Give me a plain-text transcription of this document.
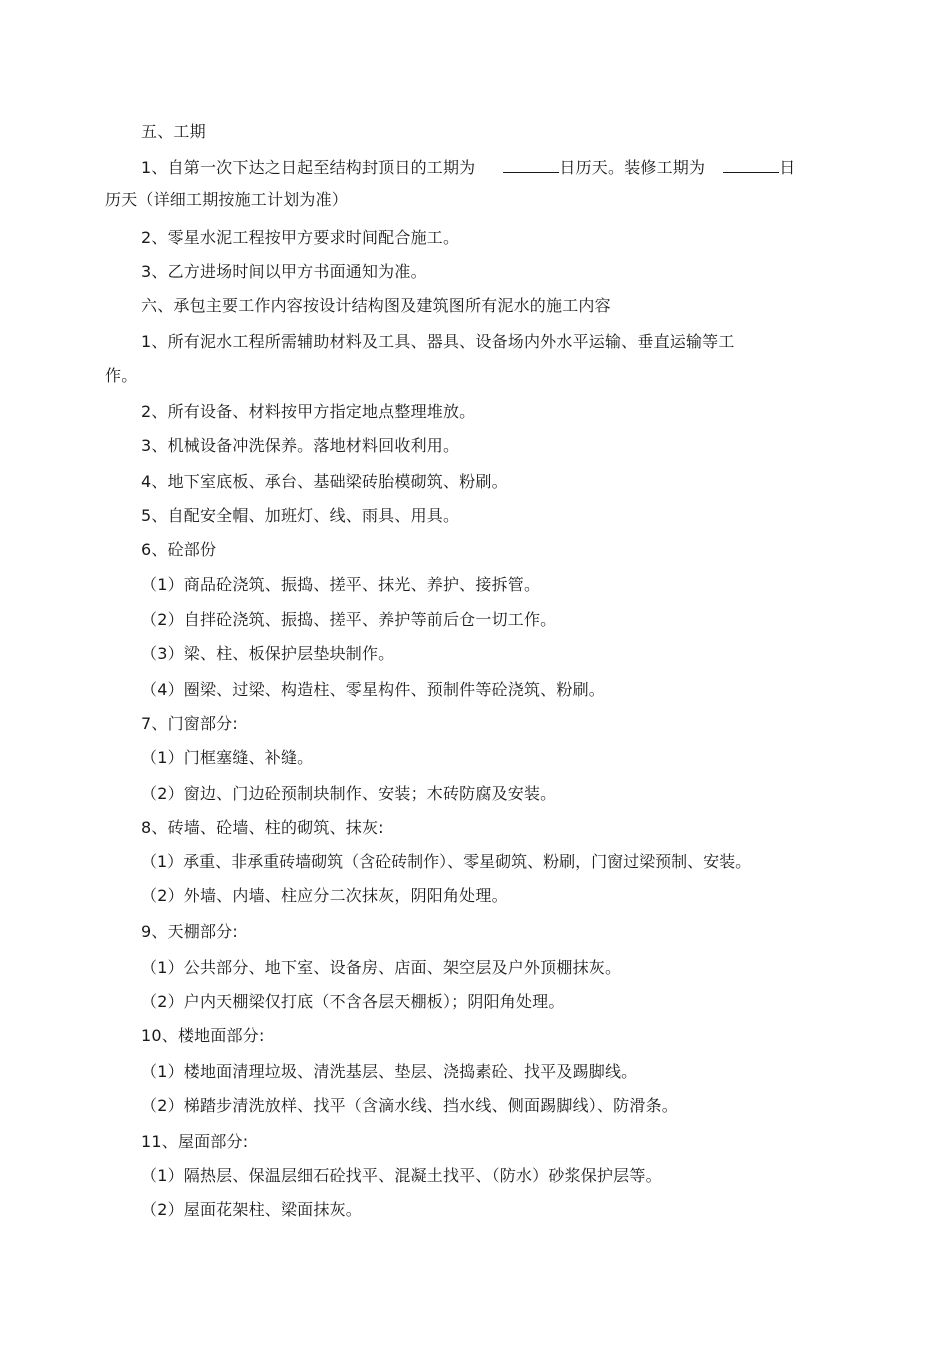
五、工期
1、自第一次下达之日起至结构封顶日的工期为	日历天。装修工期为	日
历天（详细工期按施工计划为准）
2、零星水泥工程按甲方要求时间配合施工。
3、乙方进场时间以甲方书面通知为准。
六、承包主要工作内容按设计结构图及建筑图所有泥水的施工内容
1、所有泥水工程所需辅助材料及工具、器具、设备场内外水平运输、垂直运输等工
作。
2、所有设备、材料按甲方指定地点整理堆放。
3、机械设备冲洗保养。落地材料回收利用。
4、地下室底板、承台、基础梁砖胎模砌筑、粉刷。
5、自配安全帽、加班灯、线、雨具、用具。
6、砼部份
（1）商品砼浇筑、振捣、搓平、抹光、养护、接拆管。
（2）自拌砼浇筑、振捣、搓平、养护等前后仓一切工作。
（3）梁、柱、板保护层垫块制作。
（4）圈梁、过梁、构造柱、零星构件、预制件等砼浇筑、粉刷。
7、门窗部分:
（1）门框塞缝、补缝。
（2）窗边、门边砼预制块制作、安装；木砖防腐及安装。
8、砖墙、砼墙、柱的砌筑、抹灰:
（1）承重、非承重砖墙砌筑（含砼砖制作）、零星砌筑、粉刷，门窗过梁预制、安装。
（2）外墙、内墙、柱应分二次抹灰，阴阳角处理。
9、天棚部分:
（1）公共部分、地下室、设备房、店面、架空层及户外顶棚抹灰。
（2）户内天棚梁仅打底（不含各层天棚板）；阴阳角处理。
10、楼地面部分:
（1）楼地面清理垃圾、清洗基层、垫层、浇捣素砼、找平及踢脚线。
（2）梯踏步清洗放样、找平（含滴水线、挡水线、侧面踢脚线）、防滑条。
11、屋面部分:
（1）隔热层、保温层细石砼找平、混凝土找平、（防水）砂浆保护层等。
（2）屋面花架柱、梁面抹灰。
